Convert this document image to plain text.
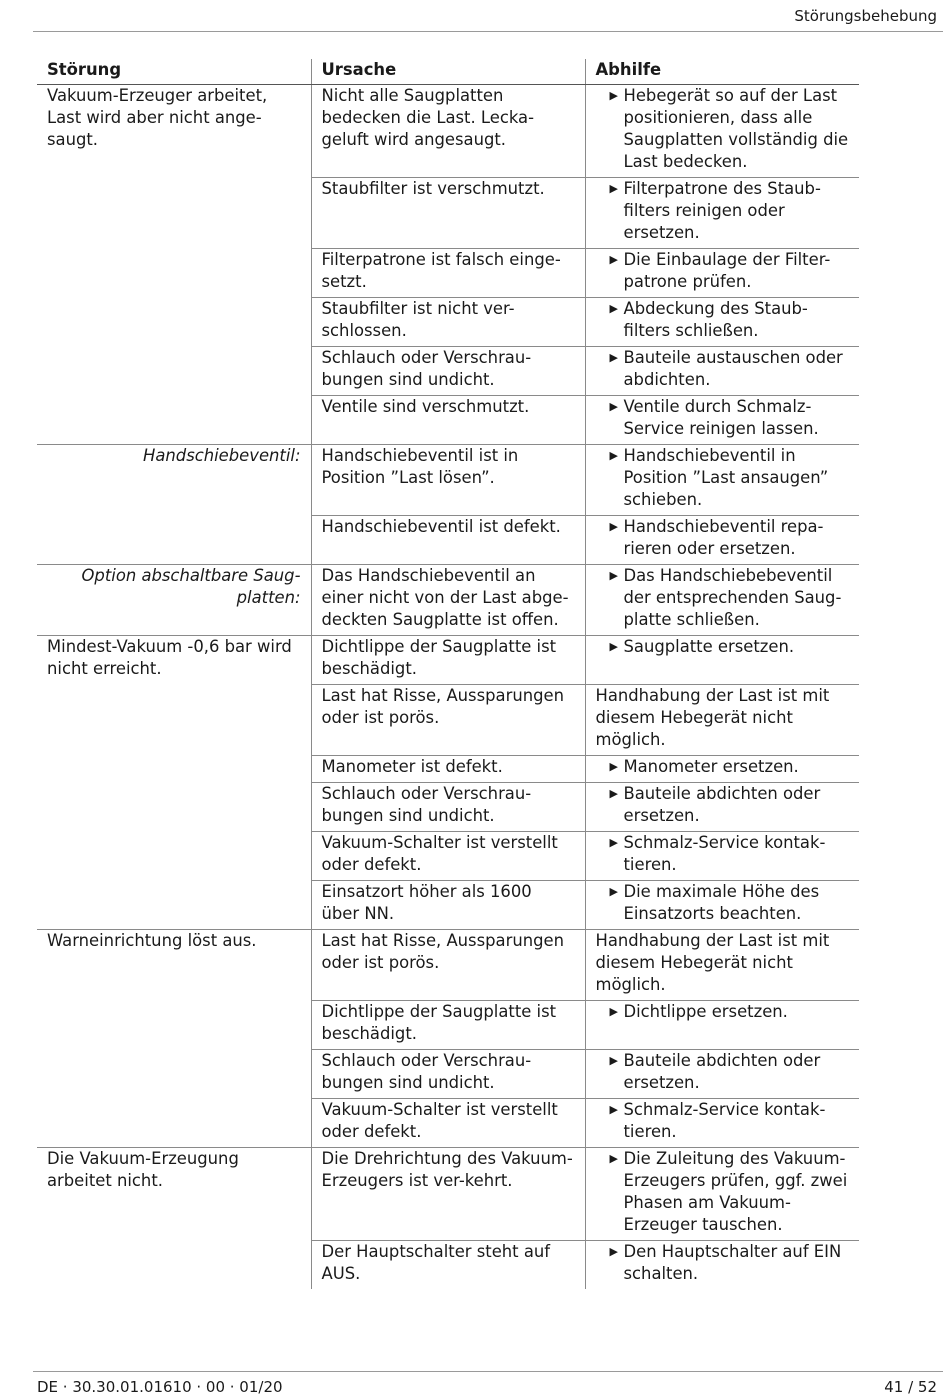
Störungsbehebung
Störung	Ursache	Abhilfe
Vakuum-Erzeuger arbeitet, Last wird aber nicht ange-saugt.	Nicht alle Saugplatten bedecken die Last. Lecka-geluft wird angesaugt.	▶ Hebegerät so auf der Last positionieren, dass alle Saugplatten vollständig die Last bedecken.

	Staubfilter ist verschmutzt.	▶ Filterpatrone des Staub-filters reinigen oder ersetzen.

	Filterpatrone ist falsch einge-setzt.	▶ Die Einbaulage der Filter-patrone prüfen.

	Staubfilter ist nicht ver-schlossen.	▶ Abdeckung des Staub-filters schließen.

	Schlauch oder Verschrau-bungen sind undicht.	▶ Bauteile austauschen oder abdichten.

	Ventile sind verschmutzt.	▶ Ventile durch Schmalz-Service reinigen lassen.

Handschiebeventil:	Handschiebeventil ist in Position ”Last lösen”.	▶ Handschiebeventil in Position ”Last ansaugen” schieben.

	Handschiebeventil ist defekt.	▶ Handschiebeventil repa-rieren oder ersetzen.

Option abschaltbare Saug-platten:	Das Handschiebeventil an einer nicht von der Last abge-deckten Saugplatte ist offen.	▶ Das Handschiebebeventil der entsprechenden Saug-platte schließen.

Mindest-Vakuum -0,6 bar wird nicht erreicht.	Dichtlippe der Saugplatte ist beschädigt.	▶ Saugplatte ersetzen.

	Last hat Risse, Aussparungen oder ist porös.	Handhabung der Last ist mit diesem Hebegerät nicht möglich.

	Manometer ist defekt.	▶ Manometer ersetzen.

	Schlauch oder Verschrau-bungen sind undicht.	▶ Bauteile abdichten oder ersetzen.

	Vakuum-Schalter ist verstellt oder defekt.	▶ Schmalz-Service kontak-tieren.

	Einsatzort höher als 1600 über NN.	▶ Die maximale Höhe des Einsatzorts beachten.

Warneinrichtung löst aus.	Last hat Risse, Aussparungen oder ist porös.	Handhabung der Last ist mit diesem Hebegerät nicht möglich.

	Dichtlippe der Saugplatte ist beschädigt.	▶ Dichtlippe ersetzen.

	Schlauch oder Verschrau-bungen sind undicht.	▶ Bauteile abdichten oder ersetzen.

	Vakuum-Schalter ist verstellt oder defekt.	▶ Schmalz-Service kontak-tieren.

Die Vakuum-Erzeugung arbeitet nicht.	Die Drehrichtung des Vakuum-Erzeugers ist ver-kehrt.	▶ Die Zuleitung des Vakuum-Erzeugers prüfen, ggf. zwei Phasen am Vakuum-Erzeuger tauschen.

	Der Hauptschalter steht auf AUS.	▶ Den Hauptschalter auf EIN schalten.
DE · 30.30.01.01610 · 00 · 01/20	41 / 52
